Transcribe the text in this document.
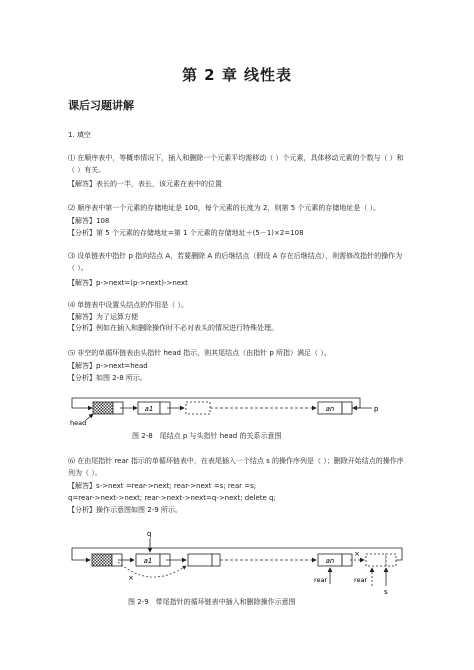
第 2 章 线性表
课后习题讲解
1. 填空
⑴ 在顺序表中，等概率情况下，插入和删除一个元素平均需移动（ ）个元素，具体移动元素的个数与（ ）和（ ）有关。
【解答】表长的一半，表长，该元素在表中的位置
⑵ 顺序表中第一个元素的存储地址是 100，每个元素的长度为 2，则第 5 个元素的存储地址是（ ）。
【解答】108
【分析】第 5 个元素的存储地址=第 1 个元素的存储地址＋(5－1)×2=108
⑶ 设单链表中指针 p 指向结点 A，若要删除 A 的后继结点（假设 A 存在后继结点），则需修改指针的操作为（ ）。
【解答】p->next=(p->next)->next
⑷ 单链表中设置头结点的作用是（ ）。
【解答】为了运算方便
【分析】例如在插入和删除操作时不必对表头的情况进行特殊处理。
⑸ 非空的单循环链表由头指针 head 指示，则其尾结点（由指针 p 所指）满足（ ）。
【解答】p->next=head
【分析】如图 2-8 所示。
a1	an	p
head
a1
×
q
an
×
rear	rear
s
图 2-8　尾结点 p 与头指针 head 的关系示意图
⑹ 在由尾指针 rear 指示的单循环链表中，在表尾插入一个结点 s 的操作序列是（ ）；删除开始结点的操作序列为（ ）。
【解答】s->next =rear->next; rear->next =s; rear =s;
q=rear->next->next; rear->next->next=q->next; delete q;
【分析】操作示意图如图 2-9 所示。
图 2-9　带尾指针的循环链表中插入和删除操作示意图
